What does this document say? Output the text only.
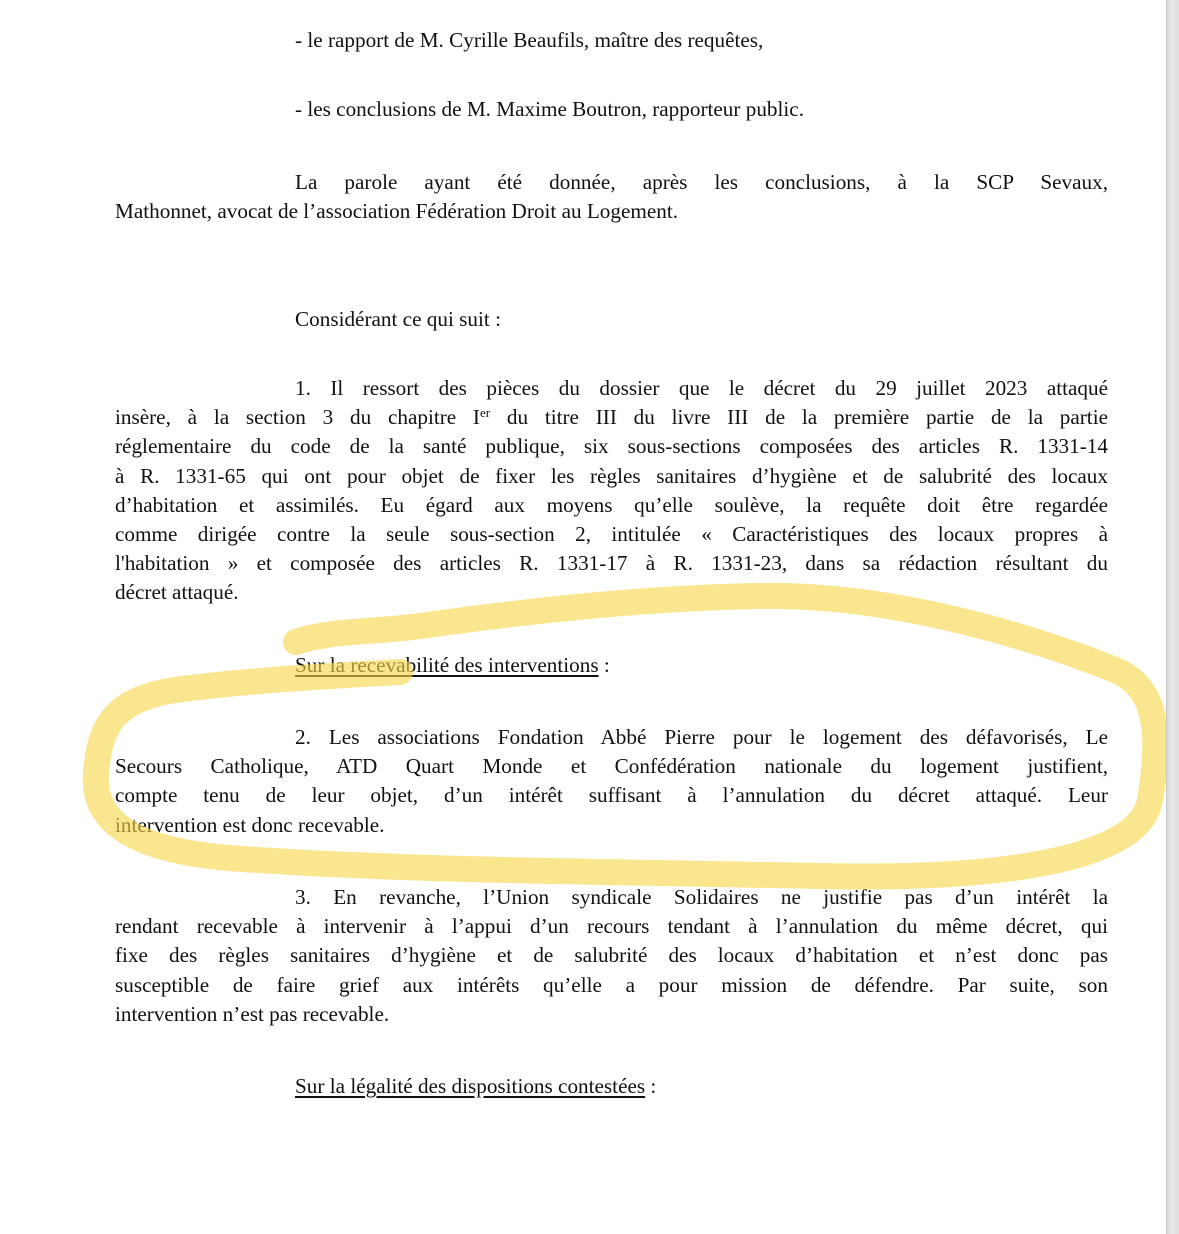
- le rapport de M. Cyrille Beaufils, maître des requêtes,

- les conclusions de M. Maxime Boutron, rapporteur public.

La parole ayant été donnée, après les conclusions, à la SCP Sevaux,
Mathonnet, avocat de l’association Fédération Droit au Logement.

Considérant ce qui suit :

1. Il ressort des pièces du dossier que le décret du 29 juillet 2023 attaqué
insère, à la section 3 du chapitre Ier du titre III du livre III de la première partie de la partie
réglementaire du code de la santé publique, six sous-sections composées des articles R. 1331-14
à R. 1331-65 qui ont pour objet de fixer les règles sanitaires d’hygiène et de salubrité des locaux
d’habitation et assimilés. Eu égard aux moyens qu’elle soulève, la requête doit être regardée
comme dirigée contre la seule sous-section 2, intitulée « Caractéristiques des locaux propres à
l'habitation » et composée des articles R. 1331-17 à R. 1331-23, dans sa rédaction résultant du
décret attaqué.

Sur la recevabilité des interventions :

2. Les associations Fondation Abbé Pierre pour le logement des défavorisés, Le
Secours Catholique, ATD Quart Monde et Confédération nationale du logement justifient,
compte tenu de leur objet, d’un intérêt suffisant à l’annulation du décret attaqué. Leur
intervention est donc recevable.
3. En revanche, l’Union syndicale Solidaires ne justifie pas d’un intérêt la
rendant recevable à intervenir à l’appui d’un recours tendant à l’annulation du même décret, qui
fixe des règles sanitaires d’hygiène et de salubrité des locaux d’habitation et n’est donc pas
susceptible de faire grief aux intérêts qu’elle a pour mission de défendre. Par suite, son
intervention n’est pas recevable.

Sur la légalité des dispositions contestées :
